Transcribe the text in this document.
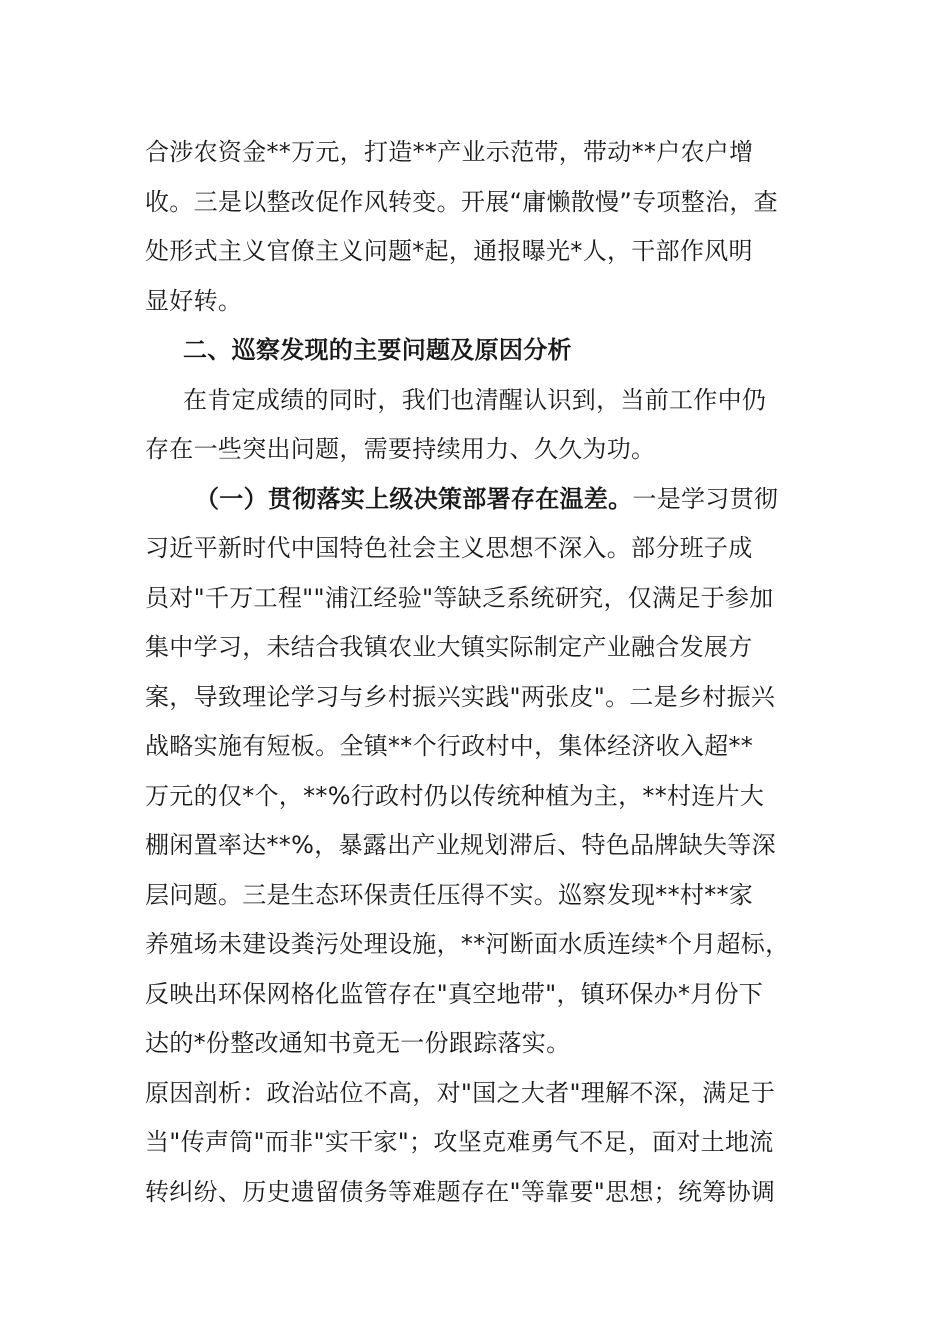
合涉农资金**万元，打造**产业示范带，带动**户农户增
收。三是以整改促作风转变。开展“庸懒散慢”专项整治，查
处形式主义官僚主义问题*起，通报曝光*人，干部作风明
显好转。
二、巡察发现的主要问题及原因分析
在肯定成绩的同时，我们也清醒认识到，当前工作中仍
存在一些突出问题，需要持续用力、久久为功。
（一）贯彻落实上级决策部署存在温差。一是学习贯彻
习近平新时代中国特色社会主义思想不深入。部分班子成
员对"千万工程""浦江经验"等缺乏系统研究，仅满足于参加
集中学习，未结合我镇农业大镇实际制定产业融合发展方
案，导致理论学习与乡村振兴实践"两张皮"。二是乡村振兴
战略实施有短板。全镇**个行政村中，集体经济收入超**
万元的仅*个，**%行政村仍以传统种植为主，**村连片大
棚闲置率达**%，暴露出产业规划滞后、特色品牌缺失等深
层问题。三是生态环保责任压得不实。巡察发现**村**家
养殖场未建设粪污处理设施，**河断面水质连续*个月超标，
反映出环保网格化监管存在"真空地带"，镇环保办*月份下
达的*份整改通知书竟无一份跟踪落实。
原因剖析：政治站位不高，对"国之大者"理解不深，满足于
当"传声筒"而非"实干家"；攻坚克难勇气不足，面对土地流
转纠纷、历史遗留债务等难题存在"等靠要"思想；统筹协调
